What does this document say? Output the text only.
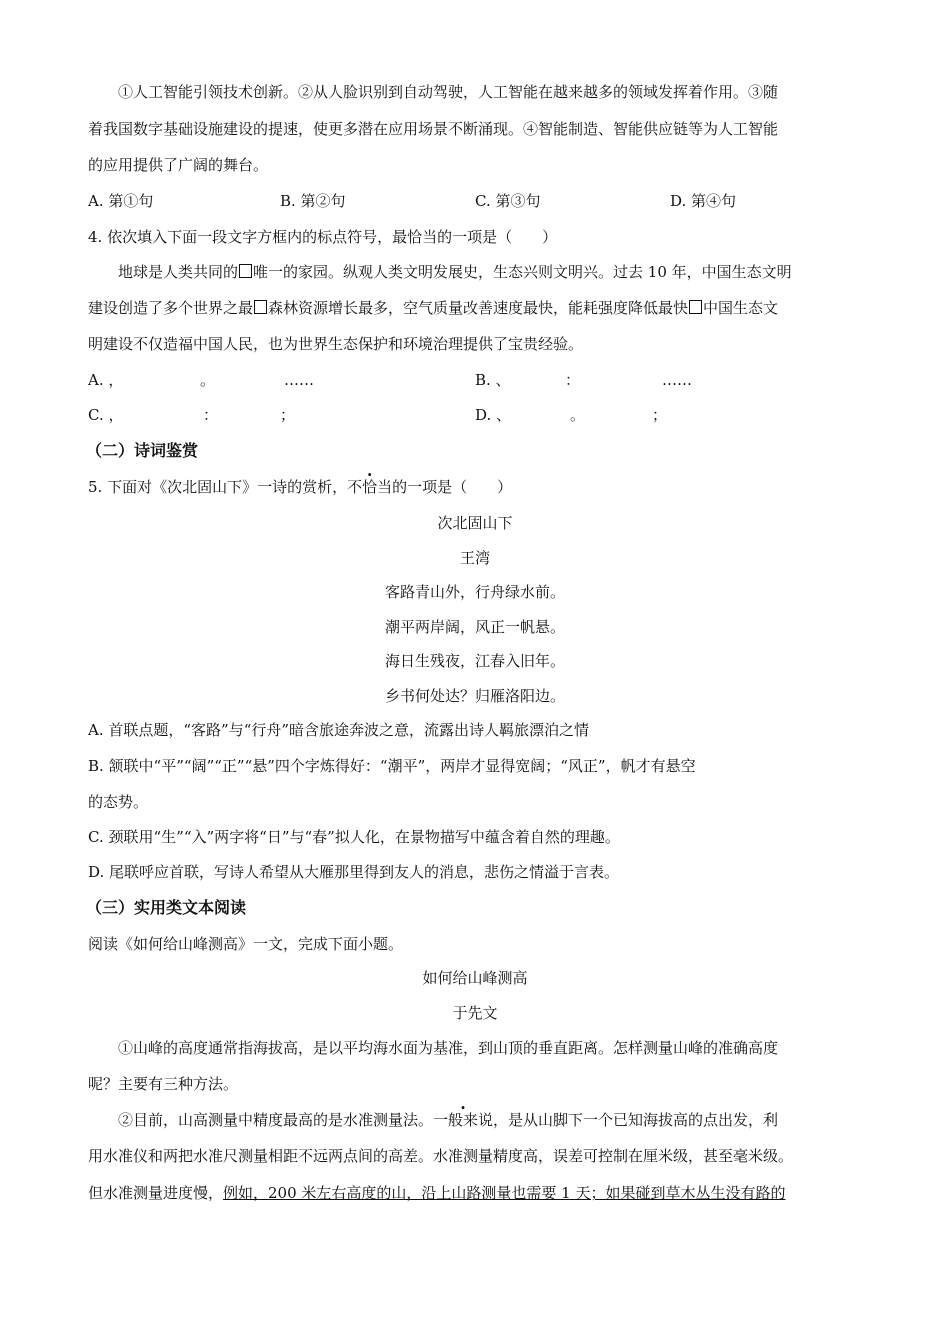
①人工智能引领技术创新。②从人脸识别到自动驾驶，人工智能在越来越多的领域发挥着作用。③随
着我国数字基础设施建设的提速，使更多潜在应用场景不断涌现。④智能制造、智能供应链等为人工智能
的应用提供了广阔的舞台。
A. 第①句	B. 第②句	C. 第③句	D. 第④句
4. 依次填入下面一段文字方框内的标点符号，最恰当的一项是（　　）
地球是人类共同的 唯一的家园。纵观人类文明发展史，生态兴则文明兴。过去 10 年，中国生态文明
建设创造了多个世界之最 森林资源增长最多，空气质量改善速度最快，能耗强度降低最快 中国生态文
明建设不仅造福中国人民，也为世界生态保护和环境治理提供了宝贵经验。
A. ，	。	……	B. 、	：	……
C. ，	：	；	D. 、	。	；
（二）诗词鉴赏
5. 下面对《次北固山下》一诗的赏析，不恰当的一项是（　　）
次北固山下
王湾
客路青山外，行舟绿水前。
潮平两岸阔，风正一帆悬。
海日生残夜，江春入旧年。
乡书何处达？归雁洛阳边。
A. 首联点题，“客路”与“行舟”暗含旅途奔波之意，流露出诗人羁旅漂泊之情
B. 颔联中“平”“阔”“正”“悬”四个字炼得好：“潮平”，两岸才显得宽阔；“风正”，帆才有悬空
的态势。
C. 颈联用“生”“入”两字将“日”与“春”拟人化，在景物描写中蕴含着自然的理趣。
D. 尾联呼应首联，写诗人希望从大雁那里得到友人的消息，悲伤之情溢于言表。
（三）实用类文本阅读
阅读《如何给山峰测高》一文，完成下面小题。
如何给山峰测高
于先文
①山峰的高度通常指海拔高，是以平均海水面为基准，到山顶的垂直距离。怎样测量山峰的准确高度
呢？主要有三种方法。
②目前，山高测量中精度最高的是水准测量法。一般来说，是从山脚下一个已知海拔高的点出发，利
用水准仪和两把水准尺测量相距不远两点间的高差。水准测量精度高，误差可控制在厘米级，甚至毫米级。
但水准测量进度慢，例如，200 米左右高度的山，沿上山路测量也需要 1 天；如果碰到草木丛生没有路的
